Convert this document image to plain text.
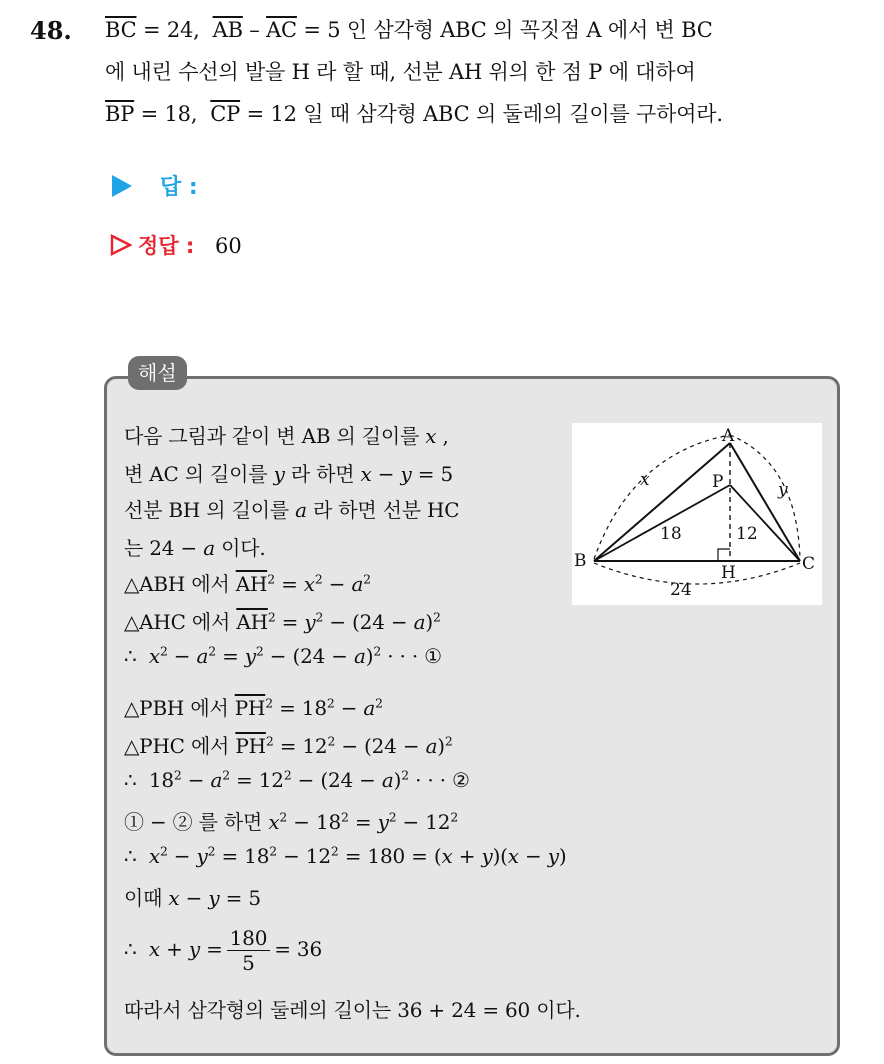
48. $\overline{BC} = 24$,  $\overline{AB} - \overline{AC} = 5$ 인 삼각형 ABC 의 꼭짓점 A 에서 변 BC
에 내린 수선의 발을 H 라 할 때, 선분 AH 위의 한 점 P 에 대하여
$\overline{BP} = 18$,  $\overline{CP} = 12$ 일 때 삼각형 ABC 의 둘레의 길이를 구하여라.
답 :
정답 : 60
해설
다음 그림과 같이 변 AB 의 길이를 x ,
변 AC 의 길이를 y 라 하면 x − y = 5
선분 BH 의 길이를 a 라 하면 선분 HC
는 24 − a 이다.
△ABH 에서 $\overline{AH}^2 = x^2 - a^2$
△AHC 에서 $\overline{AH}^2 = y^2 - (24 - a)^2$
∴  $x^2 - a^2 = y^2 - (24 - a)^2$ · · · ①
△PBH 에서 $\overline{PH}^2 = 18^2 - a^2$
△PHC 에서 $\overline{PH}^2 = 12^2 - (24 - a)^2$
∴  $18^2 - a^2 = 12^2 - (24 - a)^2$ · · · ②
① − ② 를 하면 $x^2 - 18^2 = y^2 - 12^2$
∴  $x^2 - y^2 = 18^2 - 12^2 = 180 = (x + y)(x - y)$
이때 x − y = 5
∴  $x + y = \frac{180}{5} = 36$
따라서 삼각형의 둘레의 길이는 36 + 24 = 60 이다.
A
B	C
H
P
x	y
18	12
24
